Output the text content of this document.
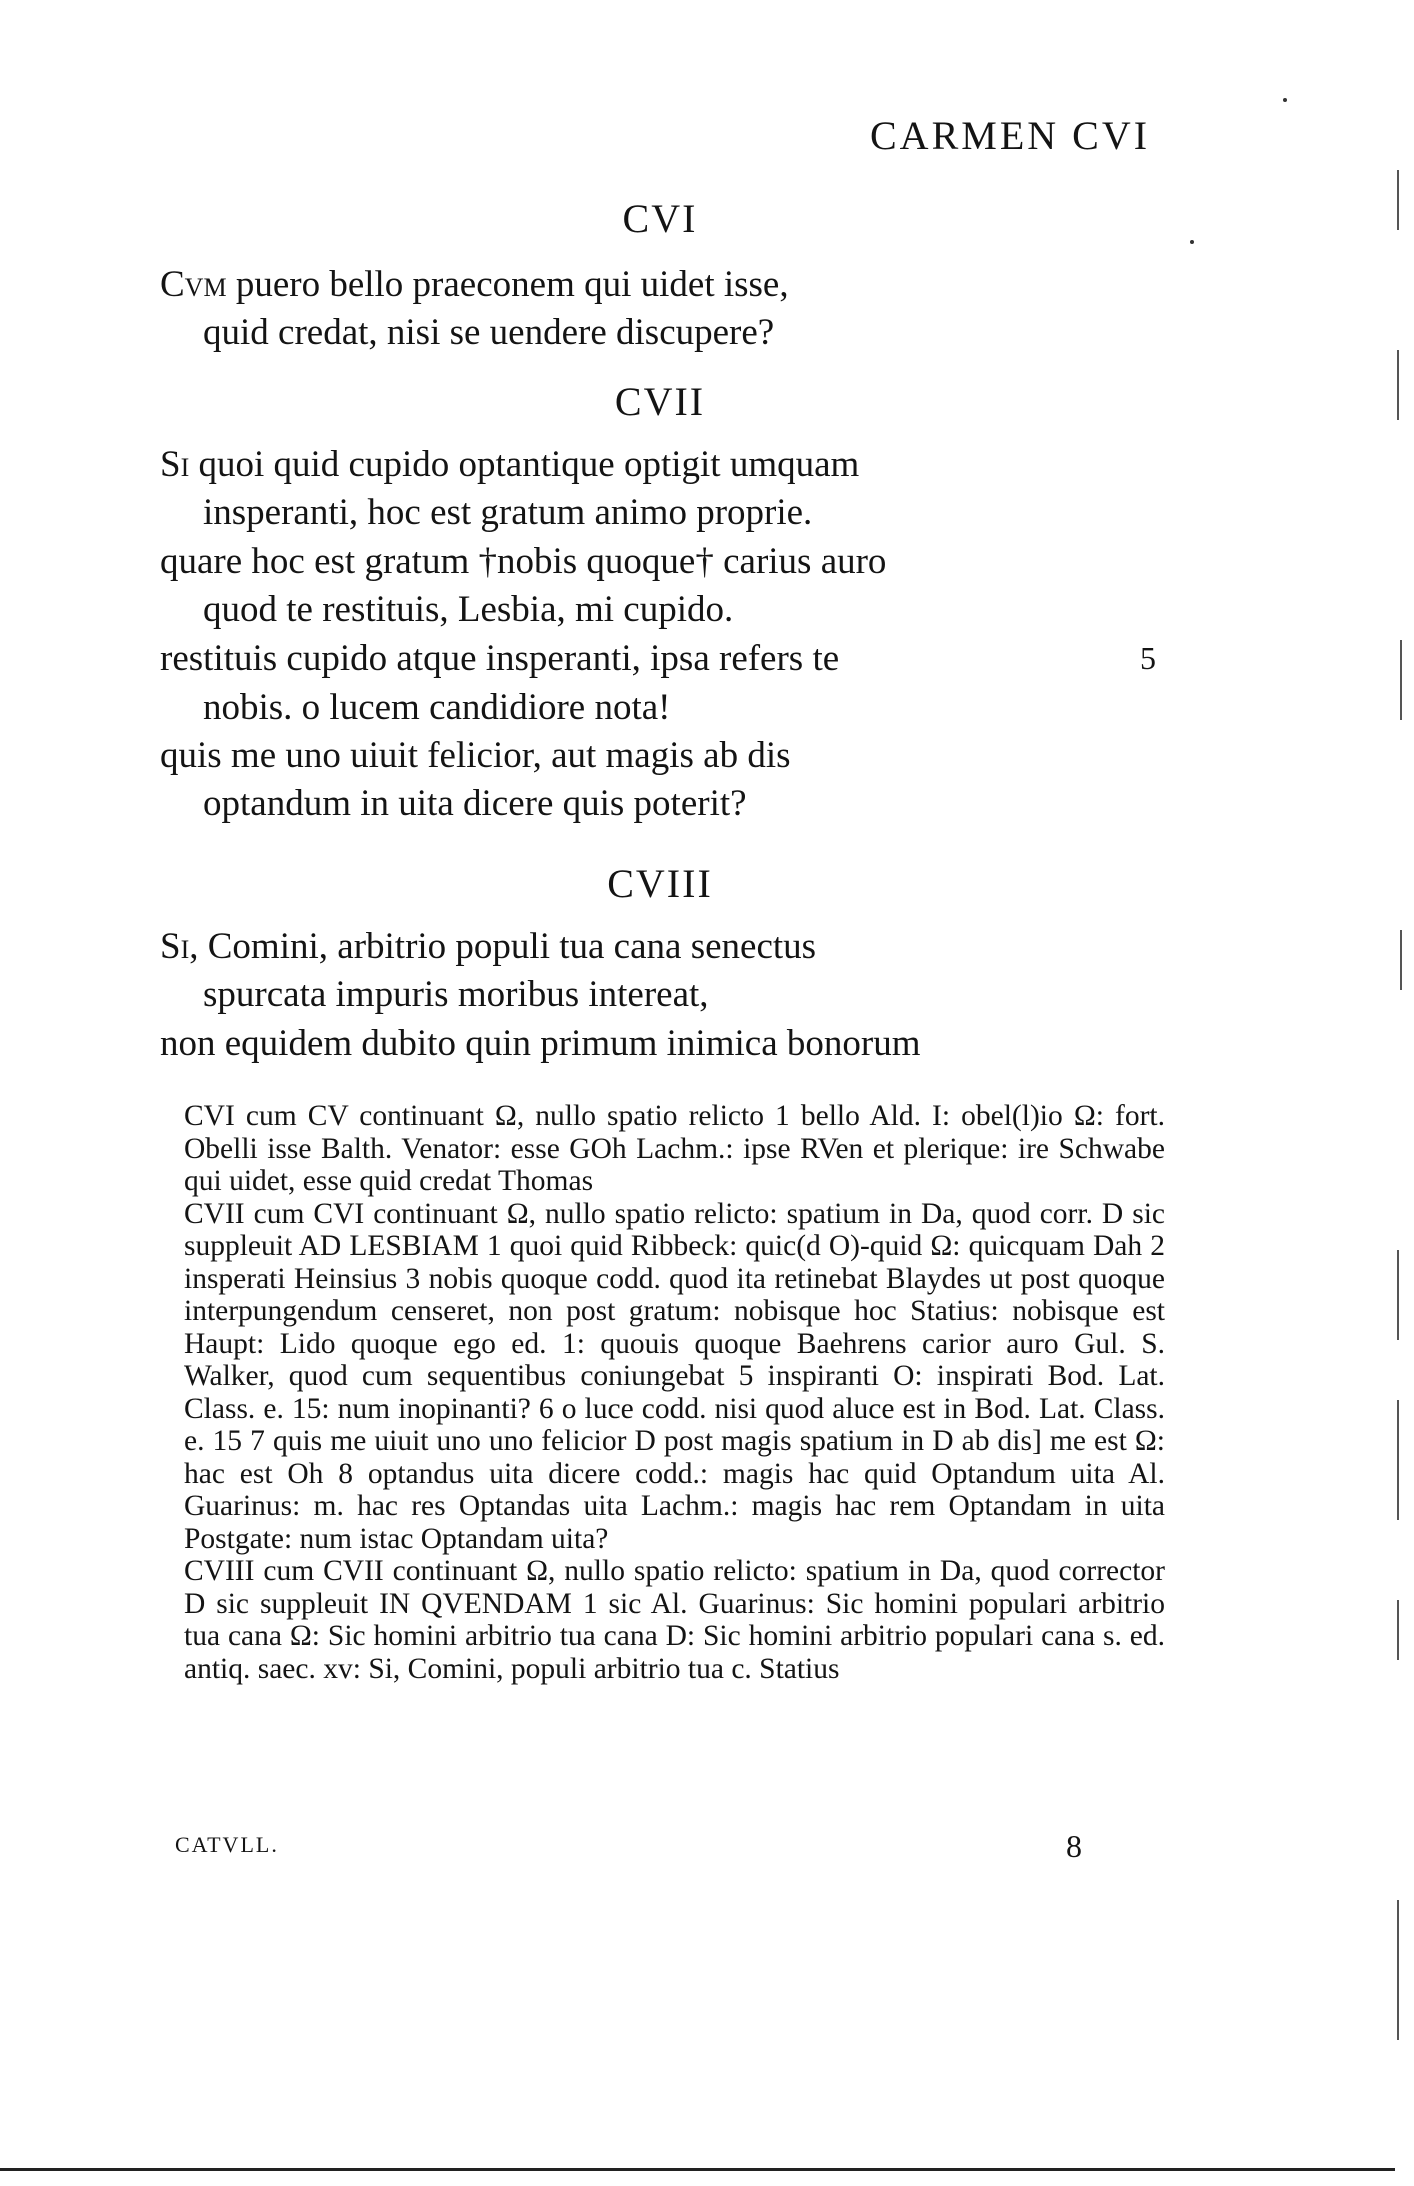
CARMEN CVI
CVI
Cvm puero bello praeconem qui uidet isse,
quid credat, nisi se uendere discupere?
CVII
Si quoi quid cupido optantique optigit umquam
insperanti, hoc est gratum animo proprie.
quare hoc est gratum †nobis quoque† carius auro
quod te restituis, Lesbia, mi cupido.
restituis cupido atque insperanti, ipsa refers te
nobis. o lucem candidiore nota!
quis me uno uiuit felicior, aut magis ab dis
optandum in uita dicere quis poterit?
5
CVIII
Si, Comini, arbitrio populi tua cana senectus
spurcata impuris moribus intereat,
non equidem dubito quin primum inimica bonorum

CVI cum CV continuant Ω, nullo spatio relicto 1 bello Ald. I: obel(l)io Ω: fort. Obelli isse Balth. Venator: esse GOh Lachm.: ipse RVen et plerique: ire Schwabe qui uidet, esse quid credat Thomas

CVII cum CVI continuant Ω, nullo spatio relicto: spatium in Da, quod corr. D sic suppleuit AD LESBIAM 1 quoi quid Ribbeck: quic(d O)-quid Ω: quicquam Dah 2 insperati Heinsius 3 nobis quoque codd. quod ita retinebat Blaydes ut post quoque interpungendum censeret, non post gratum: nobisque hoc Statius: nobisque est Haupt: Lido quoque ego ed. 1: quouis quoque Baehrens carior auro Gul. S. Walker, quod cum sequentibus coniungebat 5 inspiranti O: inspirati Bod. Lat. Class. e. 15: num inopinanti? 6 o luce codd. nisi quod aluce est in Bod. Lat. Class. e. 15 7 quis me uiuit uno uno felicior D post magis spatium in D ab dis] me est Ω: hac est Oh 8 optandus uita dicere codd.: magis hac quid Optandum uita Al. Guarinus: m. hac res Optandas uita Lachm.: magis hac rem Optandam in uita Postgate: num istac Optandam uita?

CVIII cum CVII continuant Ω, nullo spatio relicto: spatium in Da, quod corrector D sic suppleuit IN QVENDAM 1 sic Al. Guarinus: Sic homini populari arbitrio tua cana Ω: Sic homini arbitrio tua cana D: Sic homini arbitrio populari cana s. ed. antiq. saec. xv: Si, Comini, populi arbitrio tua c. Statius

CATVLL.	8
